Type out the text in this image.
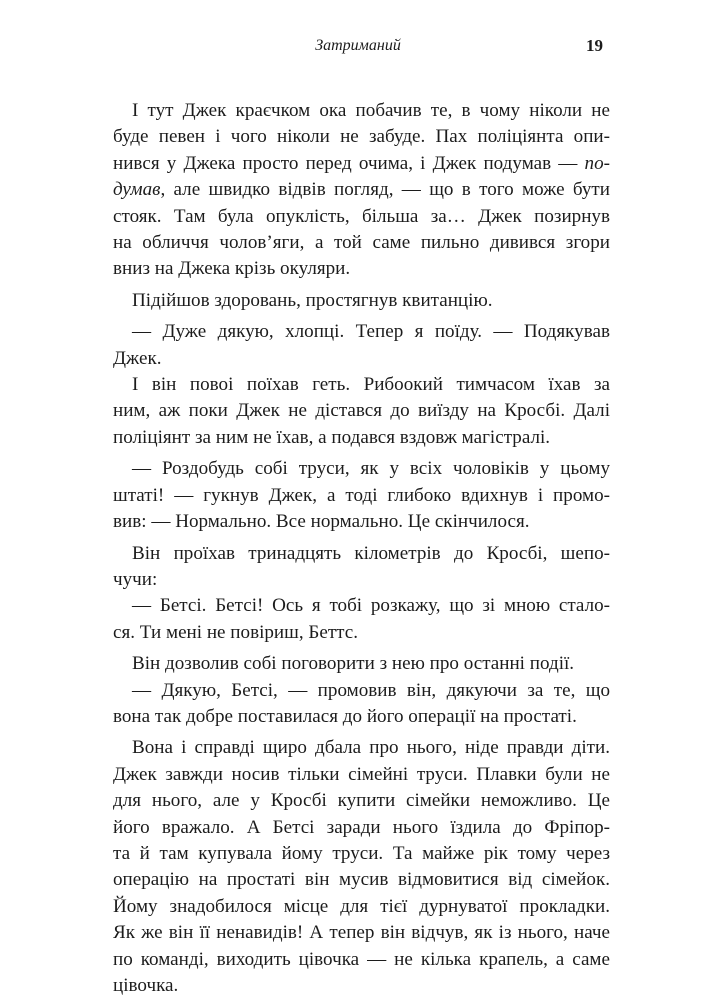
Затриманий	19
І тут Джек краєчком ока побачив те, в чому ніколи не
буде певен і чого ніколи не забуде. Пах поліціянта опи-
нився у Джека просто перед очима, і Джек подумав — по-
думав, але швидко відвів погляд, — що в того може бути
стояк. Там була опуклість, більша за… Джек позирнув
на обличчя чолов’яги, а той саме пильно дивився згори
вниз на Джека крізь окуляри.
Підійшов здоровань, простягнув квитанцію.
— Дуже дякую, хлопці. Тепер я поїду. — Подякував
Джек.
І він повоі поїхав геть. Рибоокий тимчасом їхав за
ним, аж поки Джек не дістався до виїзду на Кросбі. Далі
поліціянт за ним не їхав, а подався вздовж магістралі.
— Роздобудь собі труси, як у всіх чоловіків у цьому
штаті! — гукнув Джек, а тоді глибоко вдихнув і промо-
вив: — Нормально. Все нормально. Це скінчилося.
Він проїхав тринадцять кілометрів до Кросбі, шепо-
чучи:
— Бетсі. Бетсі! Ось я тобі розкажу, що зі мною стало-
ся. Ти мені не повіриш, Беттс.
Він дозволив собі поговорити з нею про останні події.
— Дякую, Бетсі, — промовив він, дякуючи за те, що
вона так добре поставилася до його операції на простаті.
Вона і справді щиро дбала про нього, ніде правди діти.
Джек завжди носив тільки сімейні труси. Плавки були не
для нього, але у Кросбі купити сімейки неможливо. Це
його вражало. А Бетсі заради нього їздила до Фріпор-
та й там купувала йому труси. Та майже рік тому через
операцію на простаті він мусив відмовитися від сімейок.
Йому знадобилося місце для тієї дурнуватої прокладки.
Як же він її ненавидів! А тепер він відчув, як із нього, наче
по команді, виходить цівочка — не кілька крапель, а саме
цівочка.
